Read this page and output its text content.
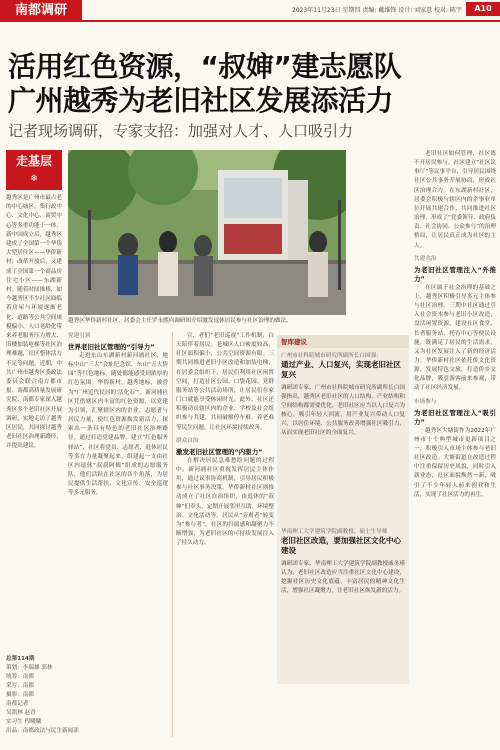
南都调研	2023年11月23日 星期四 责编: 戴维锋 设计: 刘家意 校对: 陈宇	A10
活用红色资源，“叔婶”建志愿队
广州越秀为老旧社区发展添活力
记者现场调研，专家支招：加强对人才、人口吸引力
走基层
❄
越秀区是广州市最古老的中心城区，集行政中心、文化中心、商贸中心等多重功能于一体。新中国成立后，越秀区建成了全国第一个华侨大型居住区——华侨新村；改革开放后，又建成了全国第一个商品房住宅小区——东湖新村。随着时间推移，如今越秀区不少社区面临着房屋与环境逐渐老化、道路等公共空间规模偏小、人口老龄化带来养老服务压力增大、旧楼加装电梯等社区治理难题，社区整体活力不足等问题。近期，中共广州市越秀区委政法委员会联合南方都市报、南都高质量发展研究院、南都专家深入越秀区多个老旧社区开展调研，实地走访了越秀区居民，共同探讨越秀老旧社区治理新路径，并提出建议。
总第114期
策划：李瑞雄 郭林
统筹：南都
采写：南都
摄影：南都
南都记者
吴凯林 赵青
实习生 程曦曦
出品：南都政法与民生新闻部
越秀区华侨新村社区，居委会主任罗永熙向调研团介绍激发退休居民参与社区治理的做法。
党建引领
世界老旧社区管理的“引导力”

走进东山东湖新村新河浦社区，地标中山“三大”会址纪念馆，东山“五大侨园”等红色地标，随处都能感受到浓厚的红色氛围。华侨新村，越秀地标，被誉为“广州近代民居的‘活化石’”。新河浦社区凭借辖区内丰富的红色资源，以党建为引领，汇聚辖区内的企业、志愿者与居民力量，使红色资源焕发新活力，探索出一条具有特色的老旧社区治理路径。通过打造党建品牌、建立“红色服务驿站”，社区将党员、志愿者、退休居民等多方力量凝聚起来，组建起一支由社区内退休“叔叔阿姨”组成的志愿服务队，他们活跃在社区的各个角落，为居民提供生活帮扶、文化宣传、安全巡逻等多元服务。

宣，者们“老旧巡视”工作机制，白天陪伴着居民。老城区人口密度较高，社区面积偏小，公共空间资源有限。三期共同推进老旧小区改造和加装电梯，在居委会组织下，居民们利用社区闲置空间，打造社区公园、口袋花园、党群服务站等公共活动场所，让居民们在家门口就能享受休闲时光。此外，社区还积极动员辖区内的企业、学校及社会组织参与共建，共同破解停车难、养老难等民生问题，让社区环境持续改善。

群众自治
激发老旧社区管理的“内驱力”

在解决居民急难愁盼问题的过程中，新河浦社区重视发挥居民主体作用，通过议事协商机制，引导居民积极参与社区事务决策。华侨新村社区则推动成立了社区自治组织，由退休的“叔婶”们牵头，定期开展邻里互助、环境整治、文化活动等，居民从“旁观者”转变为“参与者”，社区的归属感和凝聚力不断增强，为老旧社区的可持续发展注入了持久动力。

智库建议
广州市社科院城市研究所副所长白国强：
通过产业、人口复兴，实现老旧社区复兴
调研团专家、广州市社科院城市研究所副所长白国强指出，越秀区老旧社区的人口结构、产业结构和空间结构都需要优化。老旧社区应当以人口复兴为核心，吸引年轻人回流，用产业复兴带动人口复兴，以居住环境、公共服务改善增强社区吸引力，从而实现老旧社区的全面复兴。
华南理工大学建筑学院副教授、硕士生导师
老旧社区改造，要加强社区文化中心建设
调研团专家、华南理工大学建筑学院副教授戚冬瑾认为，老旧社区改造应当注重社区文化中心建设，挖掘社区历史文化底蕴，丰富居民的精神文化生活，增强社区凝聚力，让老旧社区焕发新的活力。

老旧社区如何管理，社区离不开居民参与。社区建立“社区议事厅”等议事平台，引导居民围绕社区公共事务开展协商，形成社区治理合力。在东湖新村社区，居委会积极与辖区内的企事业单位开展共建合作，共同推进社区治理，形成了“党委领导、政府负责、社会协同、公众参与”的治理格局，让居民真正成为社区的主人。

共建共治
为老旧社区管理注入“外推力”

在区属干社会治理的基础之上，越秀区积极引导多元主体参与社区治理。三期中社区通过引入社会资本参与老旧小区改造，盘活闲置资源，建设社区食堂、长者服务站、托育中心等便民设施，既满足了居民的生活需求，又为社区发展注入了新的经济活力。华侨新村社区依托侨文化资源，发展特色文旅，打造侨乡文化品牌，吸引游客前来参观，带动了社区经济发展。

市场参与
为老旧社区管理注入“吸引力”

越秀区大塘街作为2022年广州市十个典型城市更新项目之一，积极引入市场主体参与老旧社区改造。大塘街道在改造过程中注重保留历史风貌，同时引入新业态，社区面貌焕然一新，吸引了不少年轻人前来创业和生活，实现了社区活力的再生。
